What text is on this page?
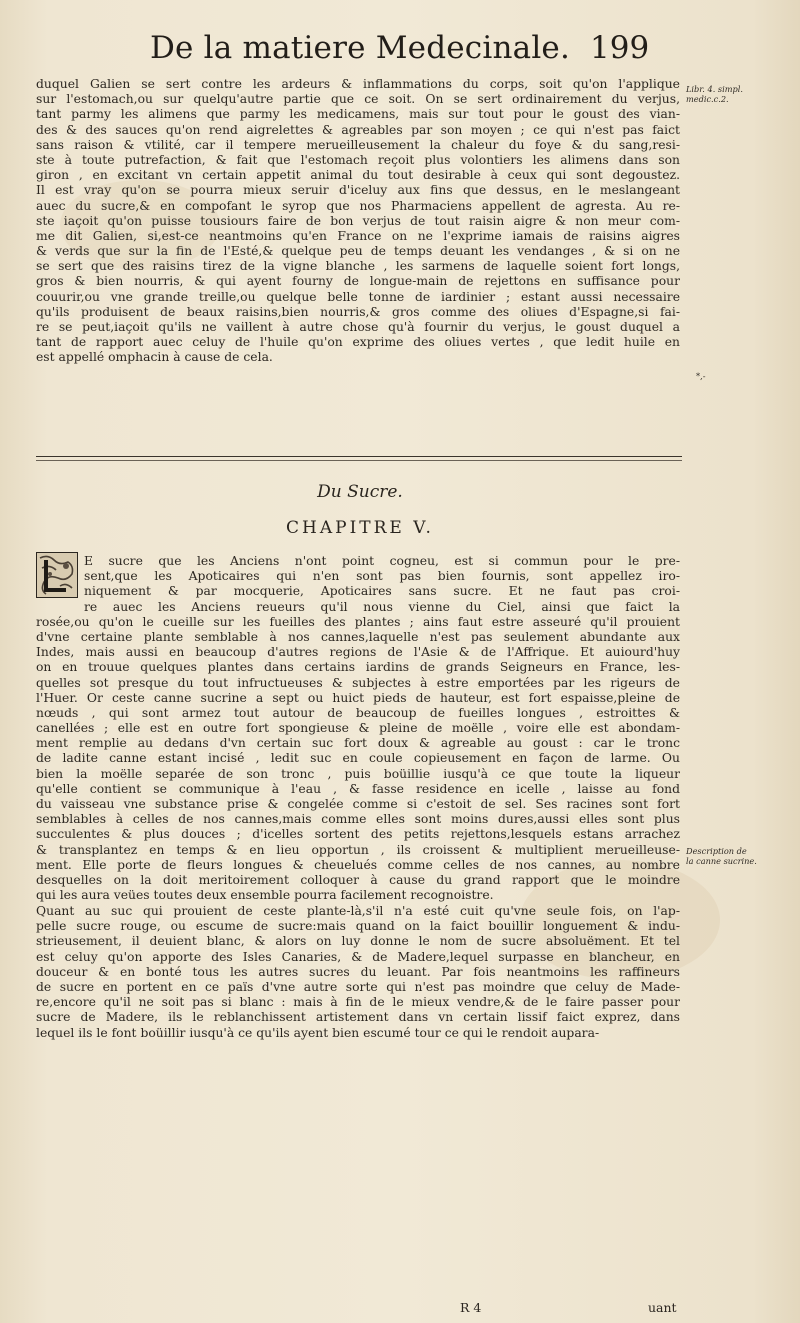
De la matiere Medecinale. 199
duquel Galien se sert contre les ardeurs & inflammations du corps, soit qu'on l'applique
sur l'estomach,ou sur quelqu'autre partie que ce soit. On se sert ordinairement du verjus,
tant parmy les alimens que parmy les medicamens, mais sur tout pour le goust des vian-
des & des sauces qu'on rend aigrelettes & agreables par son moyen ; ce qui n'est pas faict
sans raison & vtilité, car il tempere merueilleusement la chaleur du foye & du sang,resi-
ste à toute putrefaction, & fait que l'estomach reçoit plus volontiers les alimens dans son
giron , en excitant vn certain appetit animal du tout desirable à ceux qui sont degoustez.
Il est vray qu'on se pourra mieux seruir d'iceluy aux fins que dessus, en le meslangeant
auec du sucre,& en compofant le syrop que nos Pharmaciens appellent de agresta. Au re-
ste iaçoit qu'on puisse tousiours faire de bon verjus de tout raisin aigre & non meur com-
me dit Galien, si,est-ce neantmoins qu'en France on ne l'exprime iamais de raisins aigres
& verds que sur la fin de l'Esté,& quelque peu de temps deuant les vendanges , & si on ne
se sert que des raisins tirez de la vigne blanche , les sarmens de laquelle soient fort longs,
gros & bien nourris, & qui ayent fourny de longue-main de rejettons en suffisance pour
couurir,ou vne grande treille,ou quelque belle tonne de iardinier ; estant aussi necessaire
qu'ils produisent de beaux raisins,bien nourris,& gros comme des oliues d'Espagne,si fai-
re se peut,iaçoit qu'ils ne vaillent à autre chose qu'à fournir du verjus, le goust duquel a
tant de rapport auec celuy de l'huile qu'on exprime des oliues vertes , que ledit huile en
est appellé omphacin à cause de cela.
Libr. 4. simpl.
medic.c.2.
*,-
Du Sucre.
CHAPITRE V.
E sucre que les Anciens n'ont point cogneu, est si commun pour le pre-
sent,que les Apoticaires qui n'en sont pas bien fournis, sont appellez iro-
niquement & par mocquerie, Apoticaires sans sucre. Et ne faut pas croi-
re auec les Anciens reueurs qu'il nous vienne du Ciel, ainsi que faict la
rosée,ou qu'on le cueille sur les fueilles des plantes ; ains faut estre asseuré qu'il prouient
d'vne certaine plante semblable à nos cannes,laquelle n'est pas seulement abundante aux
Indes, mais aussi en beaucoup d'autres regions de l'Asie & de l'Affrique. Et auiourd'huy
on en trouue quelques plantes dans certains iardins de grands Seigneurs en France, les-
quelles sot presque du tout infructueuses & subjectes à estre emportées par les rigeurs de
l'Huer. Or ceste canne sucrine a sept ou huict pieds de hauteur, est fort espaisse,pleine de
nœuds , qui sont armez tout autour de beaucoup de fueilles longues , estroittes &
canellées ; elle est en outre fort spongieuse & pleine de moëlle , voire elle est abondam-
ment remplie au dedans d'vn certain suc fort doux & agreable au goust : car le tronc
de ladite canne estant incisé , ledit suc en coule copieusement en façon de larme. Ou
bien la moëlle separée de son tronc , puis boüillie iusqu'à ce que toute la liqueur
qu'elle contient se communique à l'eau , & fasse residence en icelle , laisse au fond
du vaisseau vne substance prise & congelée comme si c'estoit de sel. Ses racines sont fort
semblables à celles de nos cannes,mais comme elles sont moins dures,aussi elles sont plus
succulentes & plus douces ; d'icelles sortent des petits rejettons,lesquels estans arrachez
& transplantez en temps & en lieu opportun , ils croissent & multiplient merueilleuse-
ment. Elle porte de fleurs longues & cheuelués comme celles de nos cannes, au nombre
desquelles on la doit meritoirement colloquer à cause du grand rapport que le moindre
qui les aura veües toutes deux ensemble pourra facilement recognoistre.
Description de
la canne sucrine.
Quant au suc qui prouient de ceste plante-là,s'il n'a esté cuit qu'vne seule fois, on l'ap-
pelle sucre rouge, ou escume de sucre:mais quand on la faict bouillir longuement & indu-
strieusement, il deuient blanc, & alors on luy donne le nom de sucre absoluëment. Et tel
est celuy qu'on apporte des Isles Canaries, & de Madere,lequel surpasse en blancheur, en
douceur & en bonté tous les autres sucres du leuant. Par fois neantmoins les raffineurs
de sucre en portent en ce païs d'vne autre sorte qui n'est pas moindre que celuy de Made-
re,encore qu'il ne soit pas si blanc : mais à fin de le mieux vendre,& de le faire passer pour
sucre de Madere, ils le reblanchissent artistement dans vn certain lissif faict exprez, dans
lequel ils le font boüillir iusqu'à ce qu'ils ayent bien escumé tour ce qui le rendoit aupara-
R 4	uant
